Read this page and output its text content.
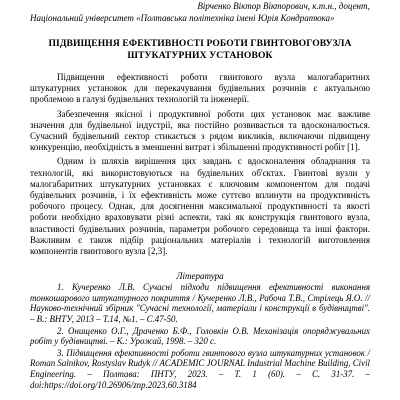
Вірченко Віктор Вікторович, к.т.н., доцент,
Національний університет «Полтавська політехніка імені Юрія Кондратюка»
ПІДВИЩЕННЯ ЕФЕКТИВНОСТІ РОБОТИ ГВИНТОВОГОВУЗЛА ШТУКАТУРНИХ УСТАНОВОК

Підвищення ефективності роботи гвинтового вузла малогабаритних штукатурних установок для перекачування будівельних розчинів є актуальною проблемою в галузі будівельних технологій та інженерії.

Забезпечення якісної і продуктивної роботи цих установок має важливе значення для будівельної індустрії, яка постійно розвивається та вдосконалюється. Сучасний будівельний сектор стикається з рядом викликів, включаючи підвищену конкуренцію, необхідність в зменшенні витрат і збільшенні продуктивності робіт [1].

Одним із шляхів вирішення цих завдань є вдосконалення обладнання та технологій, які використовуються на будівельних об'єктах. Гвинтові вузли у малогабаритних штукатурних установках є ключовим компонентом для подачі будівельних розчинів, і їх ефективність може суттєво вплинути на продуктивність робочого процесу. Однак, для досягнення максимальної продуктивності та якості роботи необхідно враховувати різні аспекти, такі як конструкція гвинтового вузла, властивості будівельних розчинів, параметри робочого середовища та інші фактори. Важливим є також підбір раціональних матеріалів і технологій виготовлення компонентів гвинтового вузла [2,3].

Література

1. Кучеренко Л.В. Сучасні підходи підвищення ефективності виконання тонкошарового штукатурного покриття / Кучеренко Л.В., Рабоча Т.В., Стрілець Я.О. // Науково-технічний збірник "Сучасні технології, матеріали і конструкції в будівництві". – В.: ВНТУ, 2013 – Т.14, №1. – С.47-50.

2. Онищенко О.Г., Драченко Б.Ф., Головкін О.В. Механізація опоряджувальних робіт у будівництві. – К.: Урожай, 1998. – 320 с.

3. Підвищення ефективності роботи гвинтового вузла штукатурних установок / Roman Salnikov, Rostyslav Rudyk // ACADEMIC JOURNAL Industrial Machine Building, Civil Engineering. – Полтава: ПНТУ, 2023. – Т. 1 (60). – С. 31-37. – doi:https://doi.org/10.26906/znp.2023.60.3184
